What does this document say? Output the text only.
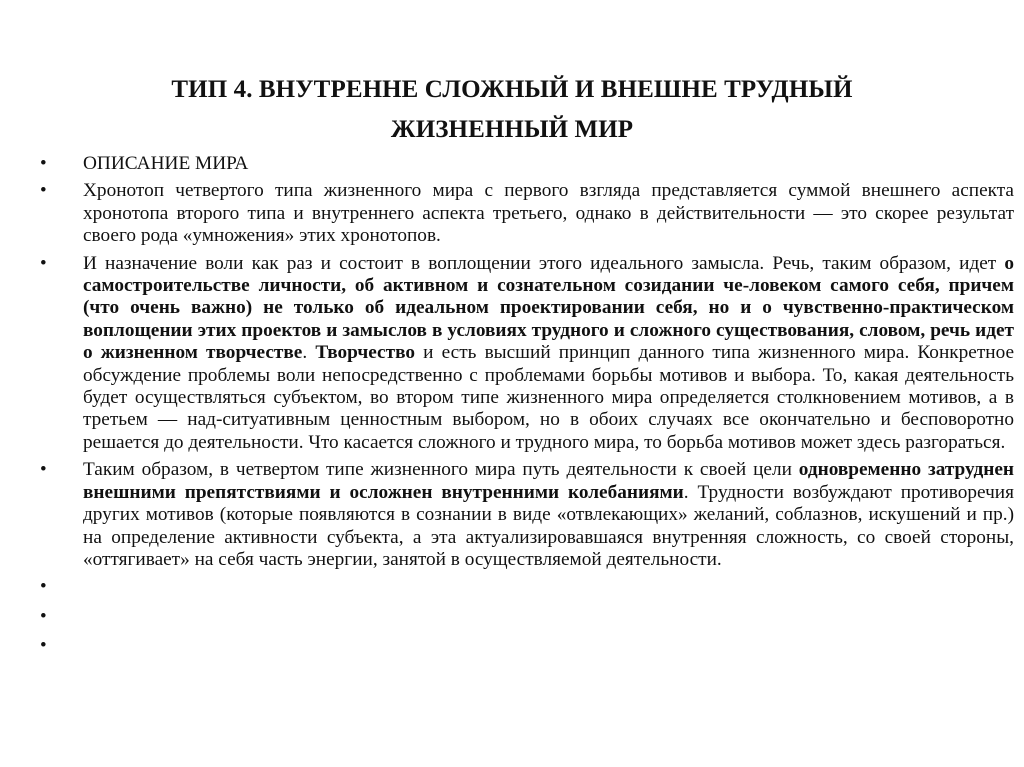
ТИП 4. ВНУТРЕННЕ СЛОЖНЫЙ И ВНЕШНЕ ТРУДНЫЙ
ЖИЗНЕННЫЙ МИР
•	ОПИСАНИЕ МИРА
•	Хронотоп четвертого типа жизненного мира с первого взгляда представляется суммой внешнего аспекта хронотопа второго типа и внутреннего аспекта третьего, однако в действительности — это скорее результат своего рода «умножения» этих хронотопов.
•	И назначение воли как раз и состоит в воплощении этого идеального замысла. Речь, таким образом, идет о самостроительстве личности, об активном и сознательном созидании че-ловеком самого себя, причем (что очень важно) не только об идеальном проектировании себя, но и о чувственно-практическом воплощении этих проектов и замыслов в условиях трудного и сложного существования, словом, речь идет о жизненном творчестве. Творчество и есть высший принцип данного типа жизненного мира. Конкретное обсуждение проблемы воли непосредственно с проблемами борьбы мотивов и выбора. То, какая деятельность будет осуществляться субъектом, во втором типе жизненного мира определяется столкновением мотивов, а в третьем — над-ситуативным ценностным выбором, но в обоих случаях все окончательно и бесповоротно решается до деятельности. Что касается сложного и трудного мира, то борьба мотивов может здесь разгораться.
•	Таким образом, в четвертом типе жизненного мира путь деятельности к своей цели одновременно затруднен внешними препятствиями и осложнен внутренними колебаниями. Трудности возбуждают противоречия других мотивов (которые появляются в сознании в виде «отвлекающих» желаний, соблазнов, искушений и пр.) на определение активности субъекта, а эта актуализировавшаяся внутренняя сложность, со своей стороны, «оттягивает» на себя часть энергии, занятой в осуществляемой деятельности.
•
•
•
